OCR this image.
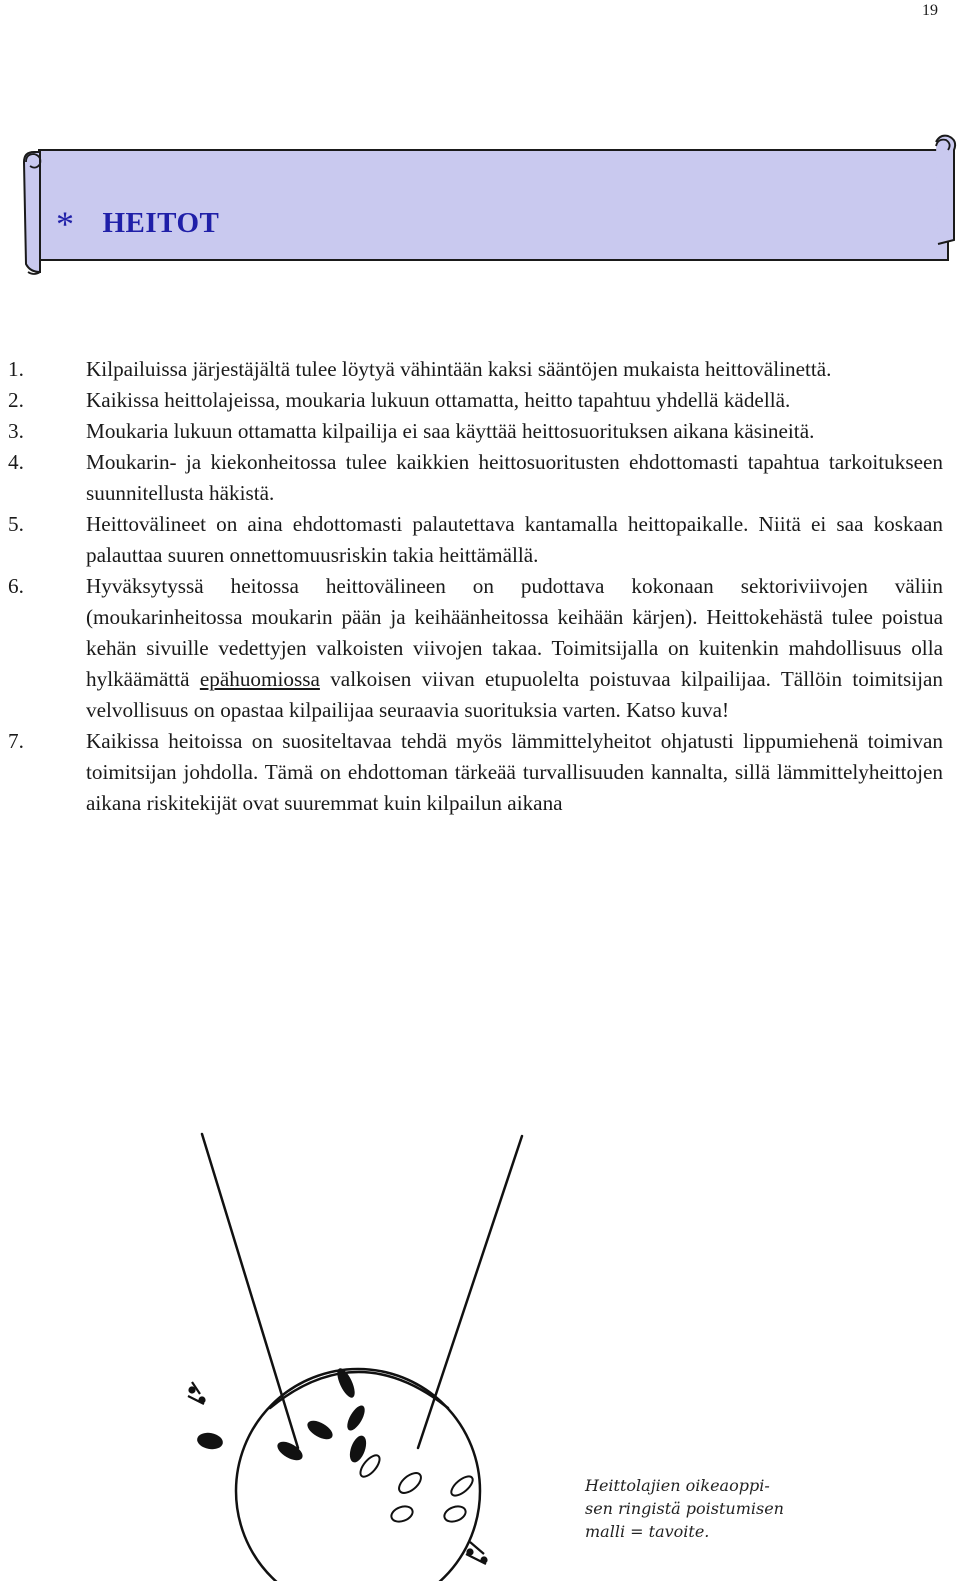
19
* HEITOT
1.	Kilpailuissa järjestäjältä tulee löytyä vähintään kaksi sääntöjen mukaista heittovälinettä.
2.	Kaikissa heittolajeissa, moukaria lukuun ottamatta, heitto tapahtuu yhdellä kädellä.
3.	Moukaria lukuun ottamatta kilpailija ei saa käyttää heittosuorituksen aikana käsineitä.
4.	Moukarin- ja kiekonheitossa tulee kaikkien heittosuoritusten ehdottomasti tapahtua tarkoitukseen suunnitellusta häkistä.
5.	Heittovälineet on aina ehdottomasti palautettava kantamalla heittopaikalle. Niitä ei saa koskaan palauttaa suuren onnettomuusriskin takia heittämällä.
6.	Hyväksytyssä heitossa heittovälineen on pudottava kokonaan sektoriviivojen väliin (moukarinheitossa moukarin pään ja keihäänheitossa keihään kärjen). Heittokehästä tulee poistua kehän sivuille vedettyjen valkoisten viivojen takaa. Toimitsijalla on kuitenkin mahdollisuus olla hylkäämättä epähuomiossa valkoisen viivan etupuolelta poistuvaa kilpailijaa. Tällöin toimitsijan velvollisuus on opastaa kilpailijaa seuraavia suorituksia varten. Katso kuva!
7.	Kaikissa heitoissa on suositeltavaa tehdä myös lämmittelyheitot ohjatusti lippumiehenä toimivan toimitsijan johdolla. Tämä on ehdottoman tärkeää turvallisuuden kannalta, sillä lämmittelyheittojen aikana riskitekijät ovat suuremmat kuin kilpailun aikana
Heittolajien oikeaoppi-
sen ringistä poistumisen
malli = tavoite.
